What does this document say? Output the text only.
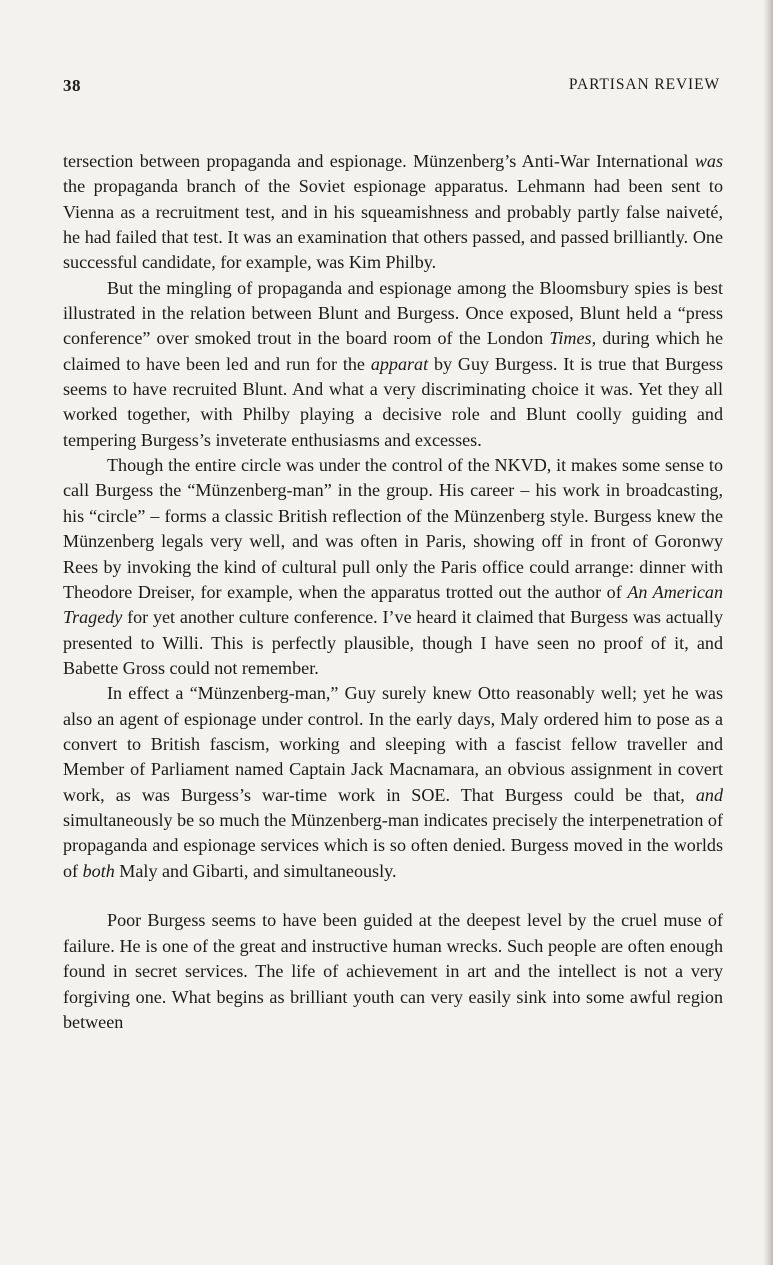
38	PARTISAN REVIEW

tersection between propaganda and espionage. Münzenberg’s Anti-War International was the propaganda branch of the Soviet espionage apparatus. Lehmann had been sent to Vienna as a recruitment test, and in his squeamishness and probably partly false naiveté, he had failed that test. It was an examination that others passed, and passed brilliantly. One successful candidate, for example, was Kim Philby.

But the mingling of propaganda and espionage among the Bloomsbury spies is best illustrated in the relation between Blunt and Burgess. Once exposed, Blunt held a “press conference” over smoked trout in the board room of the London Times, during which he claimed to have been led and run for the apparat by Guy Burgess. It is true that Burgess seems to have recruited Blunt. And what a very discriminating choice it was. Yet they all worked together, with Philby playing a decisive role and Blunt coolly guiding and tempering Burgess’s inveterate enthusiasms and excesses.

Though the entire circle was under the control of the NKVD, it makes some sense to call Burgess the “Münzenberg-man” in the group. His career – his work in broadcasting, his “circle” – forms a classic British reflection of the Münzenberg style. Burgess knew the Münzenberg legals very well, and was often in Paris, showing off in front of Goronwy Rees by invoking the kind of cultural pull only the Paris office could arrange: dinner with Theodore Dreiser, for example, when the apparatus trotted out the author of An American Tragedy for yet another culture conference. I’ve heard it claimed that Burgess was actually presented to Willi. This is perfectly plausible, though I have seen no proof of it, and Babette Gross could not remember.

In effect a “Münzenberg-man,” Guy surely knew Otto reasonably well; yet he was also an agent of espionage under control. In the early days, Maly ordered him to pose as a convert to British fascism, working and sleeping with a fascist fellow traveller and Member of Parliament named Captain Jack Macnamara, an obvious assignment in covert work, as was Burgess’s war-time work in SOE. That Burgess could be that, and simultaneously be so much the Münzenberg-man indicates precisely the interpenetration of propaganda and espionage services which is so often denied. Burgess moved in the worlds of both Maly and Gibarti, and simultaneously.

Poor Burgess seems to have been guided at the deepest level by the cruel muse of failure. He is one of the great and instructive human wrecks. Such people are often enough found in secret services. The life of achievement in art and the intellect is not a very forgiving one. What begins as brilliant youth can very easily sink into some awful region between
